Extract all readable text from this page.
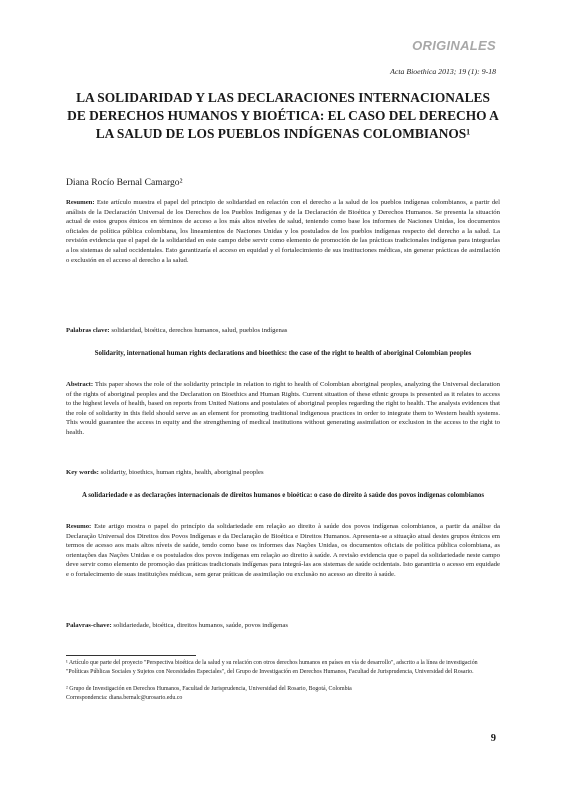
ORIGINALES
Acta Bioethica 2013; 19 (1): 9-18
LA SOLIDARIDAD Y LAS DECLARACIONES INTERNACIONALES DE DERECHOS HUMANOS Y BIOÉTICA: EL CASO DEL DERECHO A LA SALUD DE LOS PUEBLOS INDÍGENAS COLOMBIANOS¹
Diana Rocío Bernal Camargo²

Resumen: Este artículo muestra el papel del principio de solidaridad en relación con el derecho a la salud de los pueblos indígenas colombianos, a partir del análisis de la Declaración Universal de los Derechos de los Pueblos Indígenas y de la Declaración de Bioética y Derechos Humanos. Se presenta la situación actual de estos grupos étnicos en términos de acceso a los más altos niveles de salud, teniendo como base los informes de Naciones Unidas, los documentos oficiales de política pública colombiana, los lineamientos de Naciones Unidas y los postulados de los pueblos indígenas respecto del derecho a la salud. La revisión evidencia que el papel de la solidaridad en este campo debe servir como elemento de promoción de las prácticas tradicionales indígenas para integrarlas a los sistemas de salud occidentales. Esto garantizaría el acceso en equidad y el fortalecimiento de sus instituciones médicas, sin generar prácticas de asimilación o exclusión en el acceso al derecho a la salud.

Palabras clave: solidaridad, bioética, derechos humanos, salud, pueblos indígenas

Solidarity, international human rights declarations and bioethics: the case of the right to health of aboriginal Colombian peoples

Abstract: This paper shows the role of the solidarity principle in relation to right to health of Colombian aboriginal peoples, analyzing the Universal declaration of the rights of aboriginal peoples and the Declaration on Bioethics and Human Rights. Current situation of these ethnic groups is presented as it relates to access to the highest levels of health, based on reports from United Nations and postulates of aboriginal peoples regarding the right to health. The analysis evidences that the role of solidarity in this field should serve as an element for promoting traditional indigenous practices in order to integrate them to Western health systems. This would guarantee the access in equity and the strengthening of medical institutions without generating assimilation or exclusion in the access to the right to health.

Key words: solidarity, bioethics, human rights, health, aboriginal peoples

A solidariedade e as declarações internacionais de direitos humanos e bioética: o caso do direito à saúde dos povos indígenas colombianos

Resumo: Este artigo mostra o papel do princípio da solidariedade em relação ao direito à saúde dos povos indígenas colombianos, a partir da análise da Declaração Universal dos Direitos dos Povos Indígenas e da Declaração de Bioética e Direitos Humanos. Apresenta-se a situação atual destes grupos étnicos em termos de acesso aos mais altos níveis de saúde, tendo como base os informes das Nações Unidas, os documentos oficiais de política pública colombiana, as orientações das Nações Unidas e os postulados dos povos indígenas em relação ao direito à saúde. A revisão evidencia que o papel da solidariedade neste campo deve servir como elemento de promoção das práticas tradicionais indígenas para integrá-las aos sistemas de saúde ocidentais. Isto garantiria o acesso em equidade e o fortalecimento de suas instituições médicas, sem gerar práticas de assimilação ou exclusão no acesso ao direito à saúde.

Palavras-chave: solidariedade, bioética, direitos humanos, saúde, povos indígenas

¹ Artículo que parte del proyecto "Perspectiva bioética de la salud y su relación con otros derechos humanos en países en vía de desarrollo", adscrito a la línea de investigación "Políticas Públicas Sociales y Sujetos con Necesidades Especiales", del Grupo de Investigación en Derechos Humanos, Facultad de Jurisprudencia, Universidad del Rosario.

² Grupo de Investigación en Derechos Humanos, Facultad de Jurisprudencia, Universidad del Rosario, Bogotá, Colombia

Correspondencia: diana.bernalc@urosario.edu.co

9
